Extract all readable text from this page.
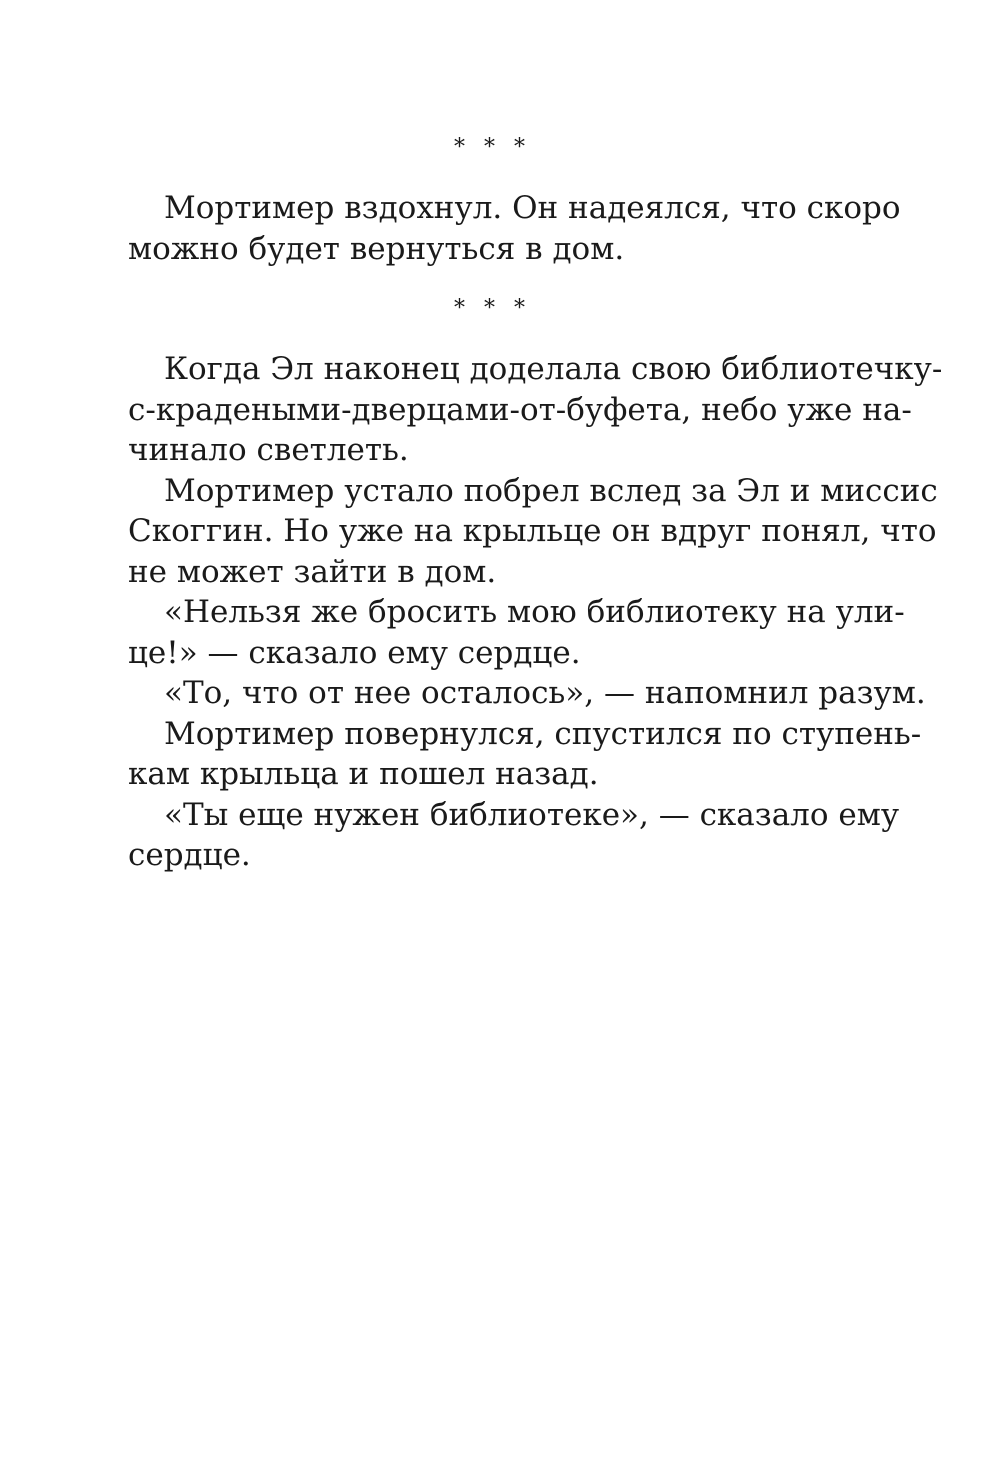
* * *

Мортимер вздохнул. Он надеялся, что скоро
можно будет вернуться в дом.

* * *

Когда Эл наконец доделала свою библиотечку-
с-крадеными-дверцами-от-буфета, небо уже на-
чинало светлеть.

Мортимер устало побрел вслед за Эл и миссис
Скоггин. Но уже на крыльце он вдруг понял, что
не может зайти в дом.

«Нельзя же бросить мою библиотеку на ули-
це!» — сказало ему сердце.

«То, что от нее осталось», — напомнил разум.

Мортимер повернулся, спустился по ступень-
кам крыльца и пошел назад.

«Ты еще нужен библиотеке», — сказало ему
сердце.
